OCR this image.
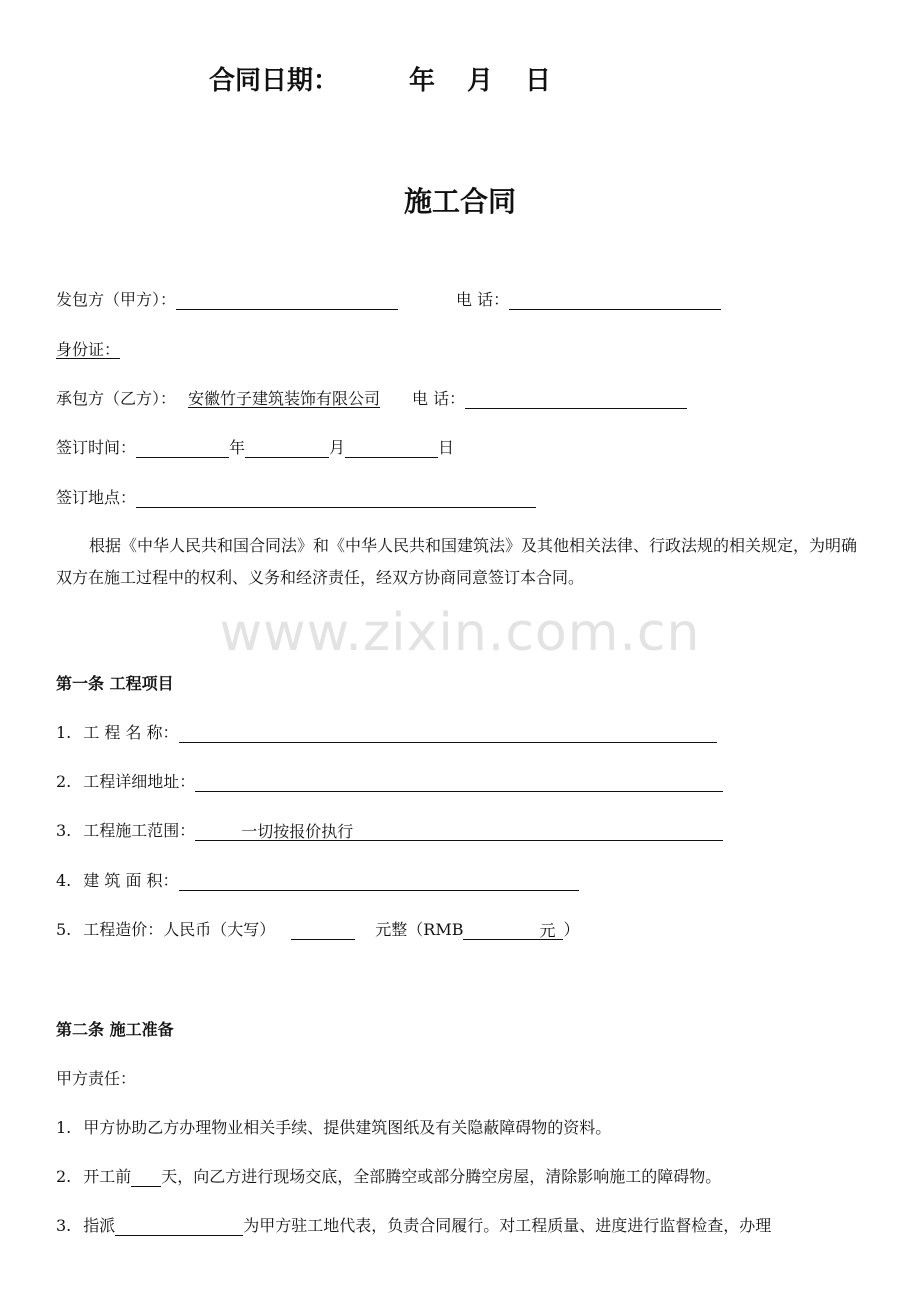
合同日期：	年 月 日
施工合同
发包方（甲方）：	电 话：
身份证：
承包方（乙方）： 安徽竹子建筑装饰有限公司 电 话：
签订时间：	年	月	日
签订地点：
根据《中华人民共和国合同法》和《中华人民共和国建筑法》及其他相关法律、行政法规的相关规定，为明确双方在施工过程中的权利、义务和经济责任，经双方协商同意签订本合同。
www.zixin.com.cn
第一条 工程项目
1. 工 程 名 称：
2. 工程详细地址：
3. 工程施工范围：	一切按报价执行
4. 建 筑 面 积：
5. 工程造价：人民币（大写）	元整（RMB	元 ）
第二条 施工准备
甲方责任：
1. 甲方协助乙方办理物业相关手续、提供建筑图纸及有关隐蔽障碍物的资料。
2. 开工前 天，向乙方进行现场交底，全部腾空或部分腾空房屋，清除影响施工的障碍物。
3. 指派	为甲方驻工地代表，负责合同履行。对工程质量、进度进行监督检查，办理
